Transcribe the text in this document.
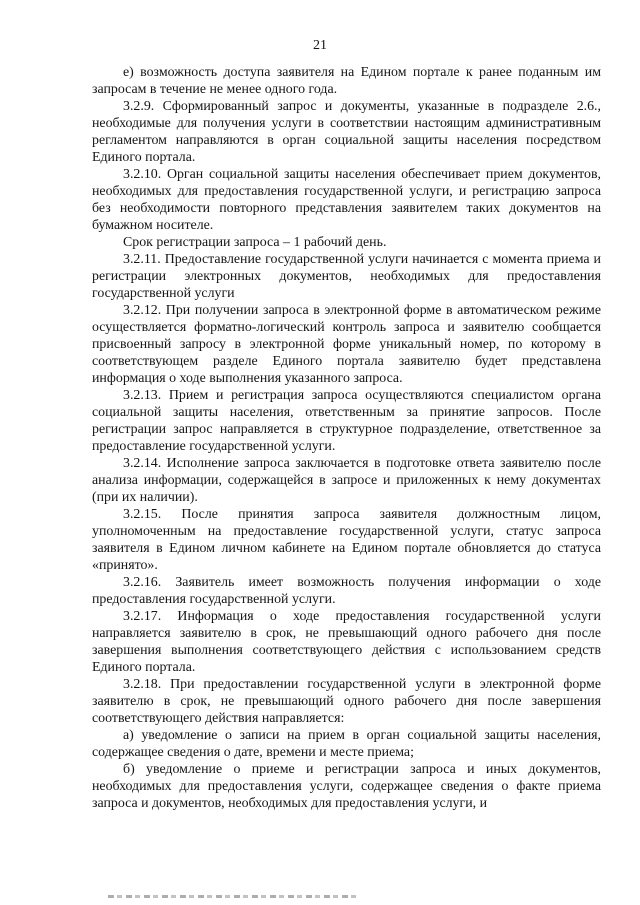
21

е) возможность доступа заявителя на Едином портале к ранее поданным им запросам в течение не менее одного года.

3.2.9. Сформированный запрос и документы, указанные в подразделе 2.6., необходимые для получения услуги в соответствии настоящим административным регламентом направляются в орган социальной защиты населения посредством Единого портала.

3.2.10. Орган социальной защиты населения обеспечивает прием документов, необходимых для предоставления государственной услуги, и регистрацию запроса без необходимости повторного представления заявителем таких документов на бумажном носителе.

Срок регистрации запроса – 1 рабочий день.

3.2.11. Предоставление государственной услуги начинается с момента приема и регистрации электронных документов, необходимых для предоставления государственной услуги

3.2.12. При получении запроса в электронной форме в автоматическом режиме осуществляется форматно-логический контроль запроса и заявителю сообщается присвоенный запросу в электронной форме уникальный номер, по которому в соответствующем разделе Единого портала заявителю будет представлена информация о ходе выполнения указанного запроса.

3.2.13. Прием и регистрация запроса осуществляются специалистом органа социальной защиты населения, ответственным за принятие запросов. После регистрации запрос направляется в структурное подразделение, ответственное за предоставление государственной услуги.

3.2.14. Исполнение запроса заключается в подготовке ответа заявителю после анализа информации, содержащейся в запросе и приложенных к нему документах (при их наличии).

3.2.15. После принятия запроса заявителя должностным лицом, уполномоченным на предоставление государственной услуги, статус запроса заявителя в Едином личном кабинете на Едином портале обновляется до статуса «принято».

3.2.16. Заявитель имеет возможность получения информации о ходе предоставления государственной услуги.

3.2.17. Информация о ходе предоставления государственной услуги направляется заявителю в срок, не превышающий одного рабочего дня после завершения выполнения соответствующего действия с использованием средств Единого портала.

3.2.18. При предоставлении государственной услуги в электронной форме заявителю в срок, не превышающий одного рабочего дня после завершения соответствующего действия направляется:

а) уведомление о записи на прием в орган социальной защиты населения, содержащее сведения о дате, времени и месте приема;

б) уведомление о приеме и регистрации запроса и иных документов, необходимых для предоставления услуги, содержащее сведения о факте приема запроса и документов, необходимых для предоставления услуги, и
